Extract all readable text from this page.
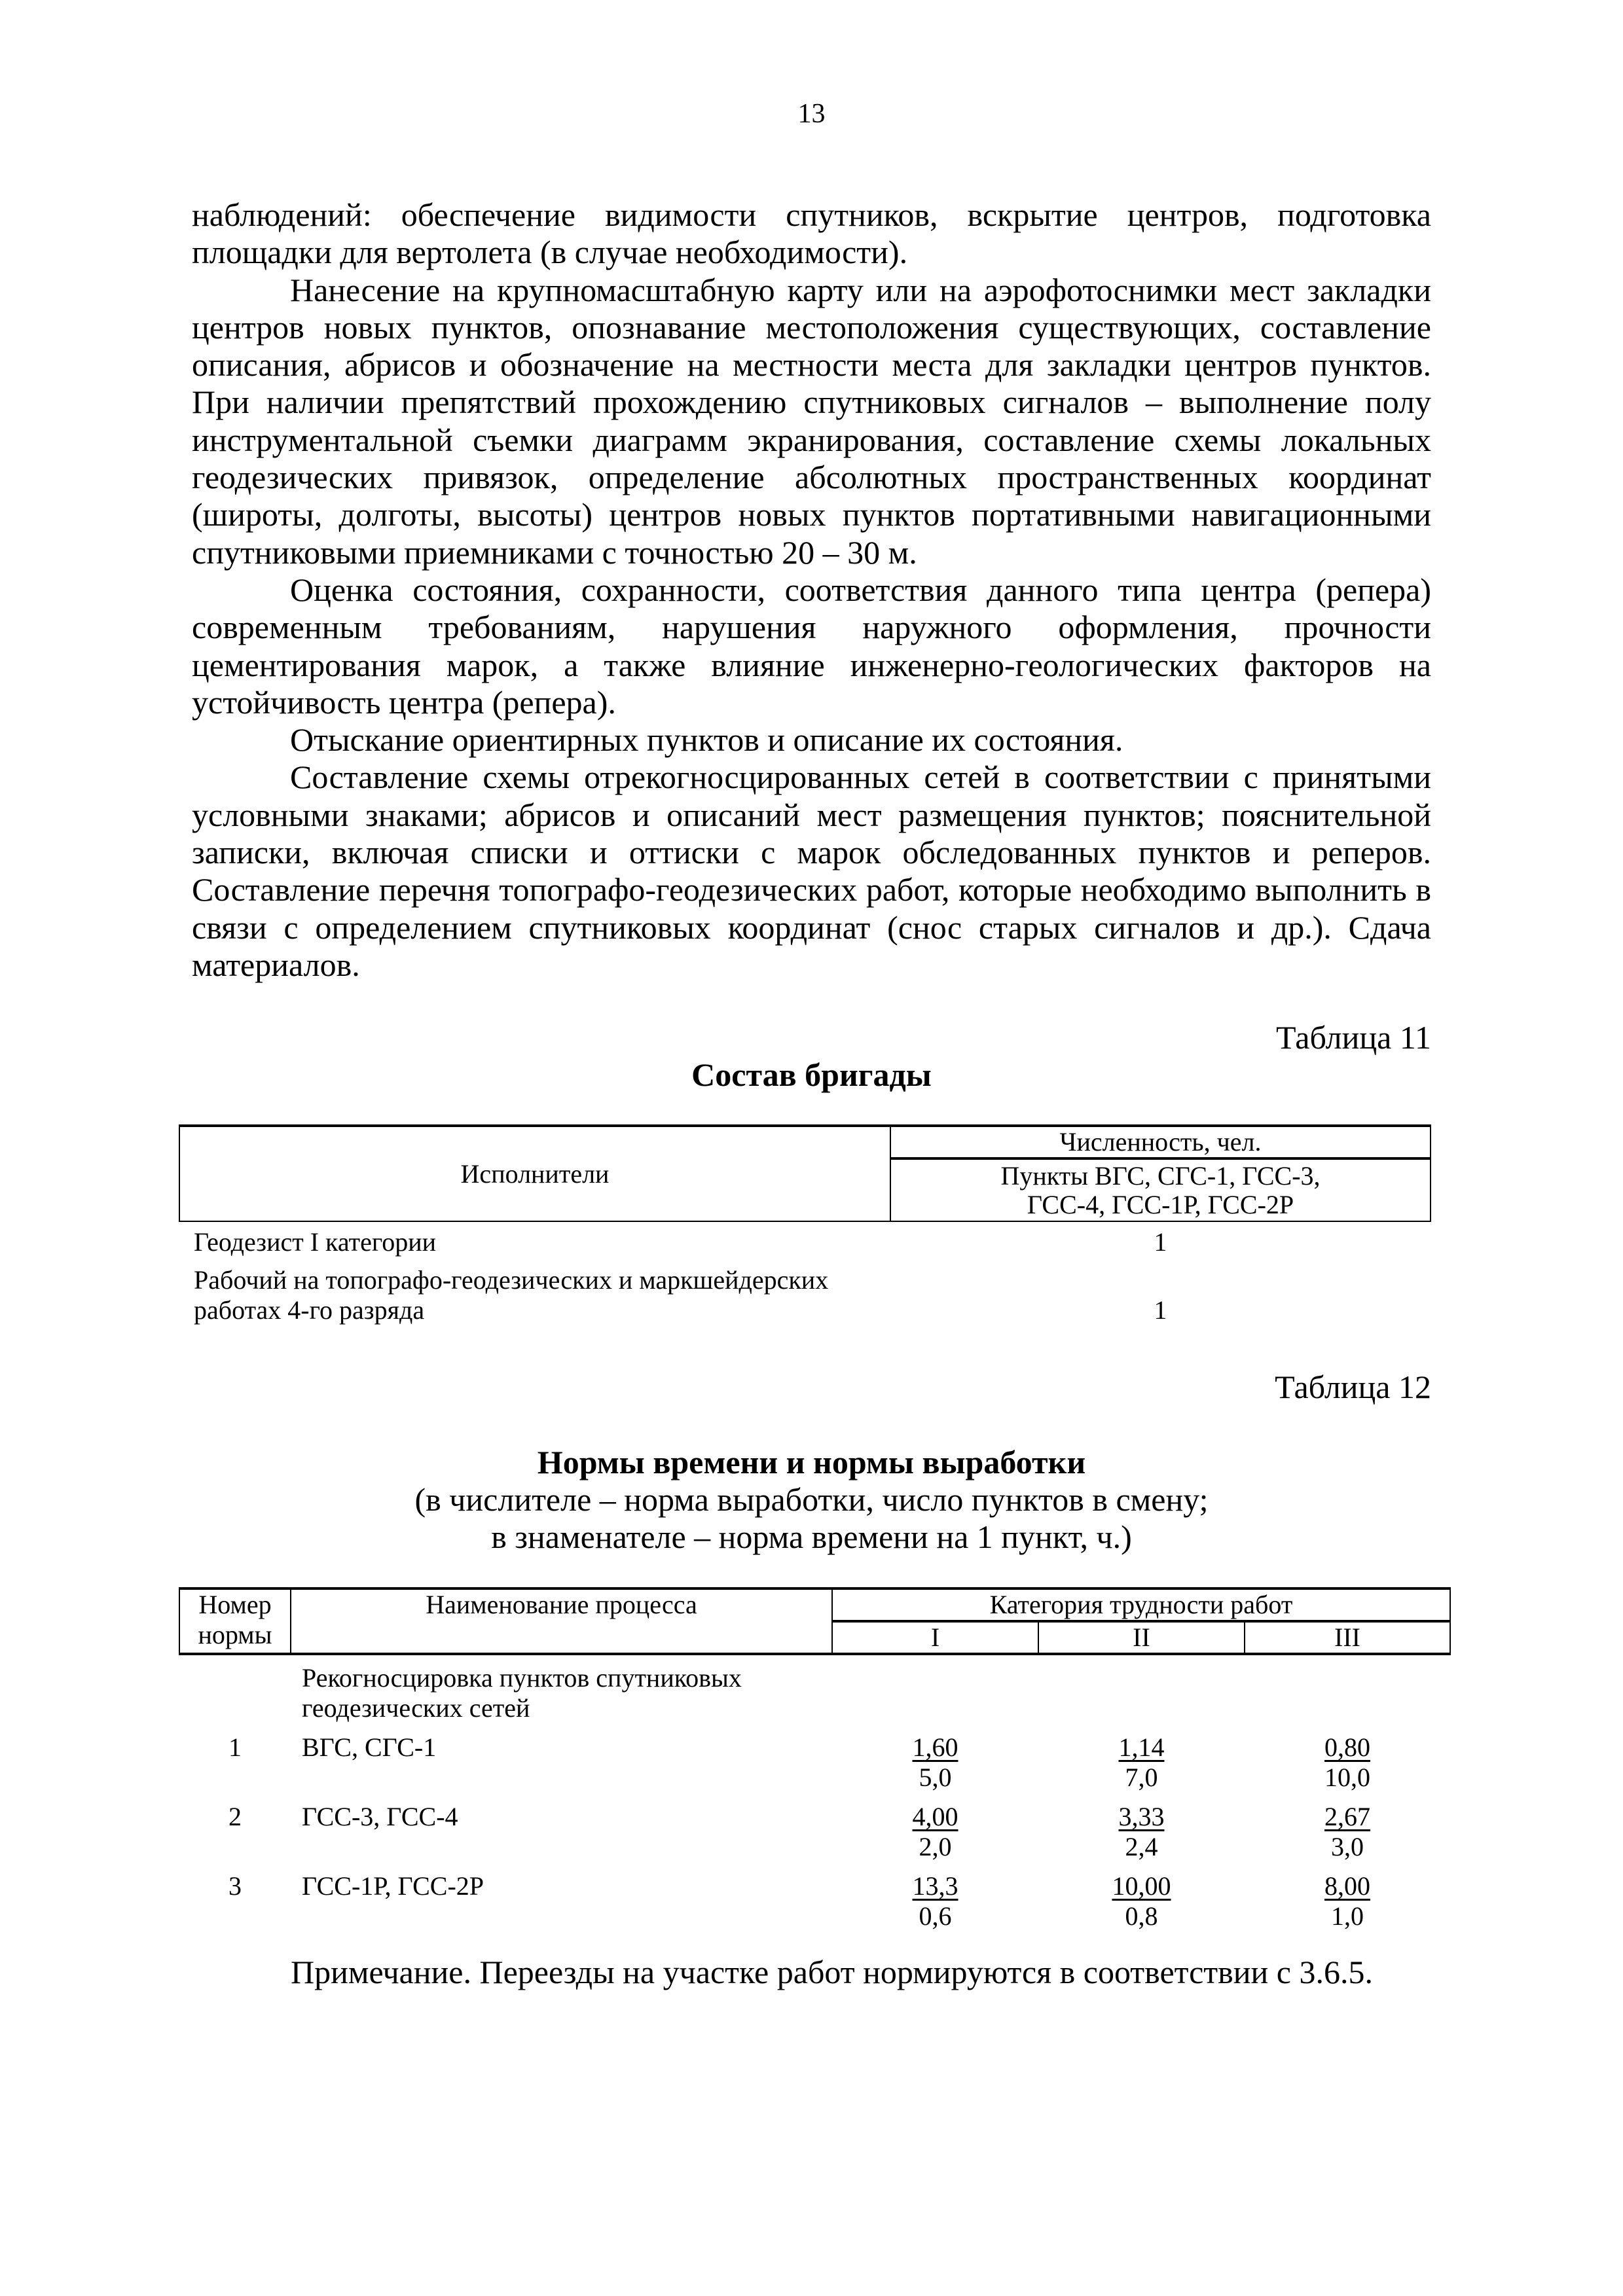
13

наблюдений: обеспечение видимости спутников, вскрытие центров, подготовка площадки для вертолета (в случае необходимости).

Нанесение на крупномасштабную карту или на аэрофотоснимки мест закладки центров новых пунктов, опознавание местоположения существующих, составление описания, абрисов и обозначение на местности места для закладки центров пунктов. При наличии препятствий прохождению спутниковых сигналов – выполнение полу инструментальной съемки диаграмм экранирования, составление схемы локальных геодезических привязок, определение абсолютных пространственных координат (широты, долготы, высоты) центров новых пунктов портативными навигационными спутниковыми приемниками с точностью 20 – 30 м.

Оценка состояния, сохранности, соответствия данного типа центра (репера) современным требованиям, нарушения наружного оформления, прочности цементирования марок, а также влияние инженерно-геологических факторов на устойчивость центра (репера).

Отыскание ориентирных пунктов и описание их состояния.

Составление схемы отрекогносцированных сетей в соответствии с принятыми условными знаками; абрисов и описаний мест размещения пунктов; пояснительной записки, включая списки и оттиски с марок обследованных пунктов и реперов. Составление перечня топографо-геодезических работ, которые необходимо выполнить в связи с определением спутниковых координат (снос старых сигналов и др.). Сдача материалов.

Таблица 11
Состав бригады
Исполнители	Численность, чел.
	Пункты ВГС, СГС-1, ГСС-3, ГСС-4, ГСС-1Р, ГСС-2Р
Геодезист I категории	1

Рабочий на топографо-геодезических и маркшейдерских
работах 4-го разряда	1
Таблица 12
Нормы времени и нормы выработки
(в числителе – норма выработки, число пунктов в смену;
в знаменателе – норма времени на 1 пункт, ч.)
Номер
нормы	Наименование процесса	Категория трудности работ		
		I	II	III

	Рекогносцировка пунктов спутниковых
геодезических сетей			

1	ВГС, СГС-1	$\frac{1,60}{5,0}$	$\frac{1,14}{7,0}$	$\frac{0,80}{10,0}$

2	ГСС-3, ГСС-4	$\frac{4,00}{2,0}$	$\frac{3,33}{2,4}$	$\frac{2,67}{3,0}$

3	ГСС-1Р, ГСС-2Р	$\frac{13,3}{0,6}$	$\frac{10,00}{0,8}$	$\frac{8,00}{1,0}$
Примечание. Переезды на участке работ нормируются в соответствии с 3.6.5.
